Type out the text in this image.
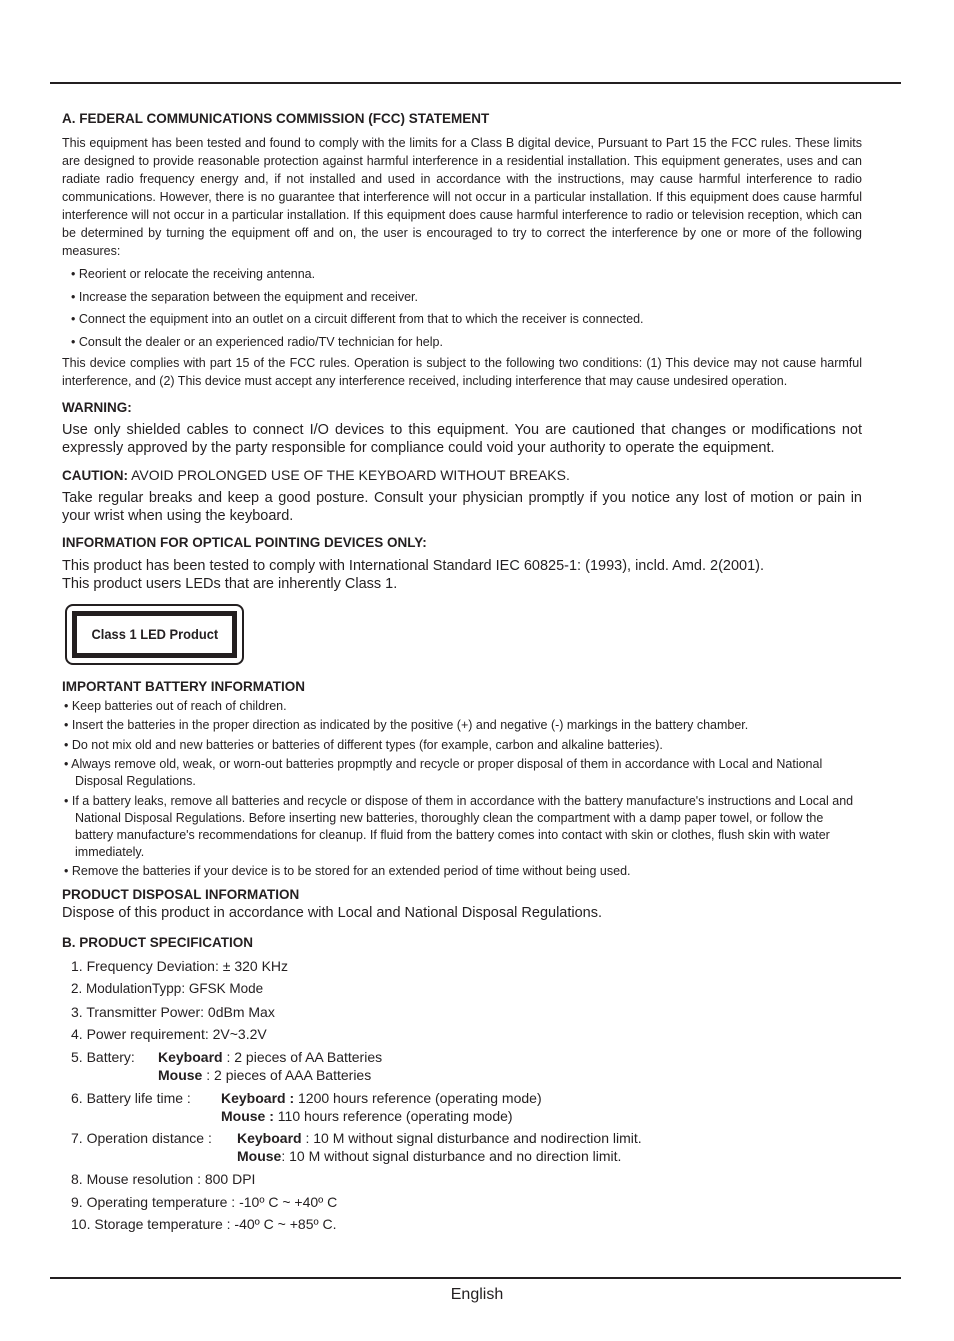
A. FEDERAL COMMUNICATIONS COMMISSION (FCC) STATEMENT

This equipment has been tested and found to comply with the limits for a Class B digital device, Pursuant to Part 15 the FCC rules. These limits are designed to provide reasonable protection against harmful interference in a residential installation. This equipment generates, uses and can radiate radio frequency energy and, if not installed and used in accordance with the instructions, may cause harmful interference to radio communications. However, there is no guarantee that interference will not occur in a particular installation. If this equipment does cause harmful interference will not occur in a particular installation. If this equipment does cause harmful interference to radio or television reception, which can be determined by turning the equipment off and on, the user is encouraged to try to correct the interference by one or more of the following measures:

• Reorient or relocate the receiving antenna.
• Increase the separation between the equipment and receiver.
• Connect the equipment into an outlet on a circuit different from that to which the receiver is connected.
• Consult the dealer or an experienced radio/TV technician for help.

This device complies with part 15 of the FCC rules. Operation is subject to the following two conditions: (1) This device may not cause harmful interference, and (2) This device must accept any interference received, including interference that may cause undesired operation.

WARNING:

Use only shielded cables to connect I/O devices to this equipment. You are cautioned that changes or modifications not expressly approved by the party responsible for compliance could void your authority to operate the equipment.

CAUTION: AVOID PROLONGED USE OF THE KEYBOARD WITHOUT BREAKS.

Take regular breaks and keep a good posture. Consult your physician promptly if you notice any lost of motion or pain in your wrist when using the keyboard.

INFORMATION FOR OPTICAL POINTING DEVICES ONLY:

This product has been tested to comply with International Standard IEC 60825-1: (1993), incld. Amd. 2(2001).

This product users LEDs that are inherently Class 1.

Class 1 LED Product

IMPORTANT BATTERY INFORMATION

• Keep batteries out of reach of children.
• Insert the batteries in the proper direction as indicated by the positive (+) and negative (-) markings in the battery chamber.
• Do not mix old and new batteries or batteries of different types (for example, carbon and alkaline batteries).
• Always remove old, weak, or worn-out batteries propmptly and recycle or proper disposal of them in accordance with Local and National Disposal Regulations.
• If a battery leaks, remove all batteries and recycle or dispose of them in accordance with the battery manufacture's instructions and Local and National Disposal Regulations. Before inserting new batteries, thoroughly clean the compartment with a damp paper towel, or follow the battery manufacture's recommendations for cleanup. If fluid from the battery comes into contact with skin or clothes, flush skin with water immediately.
• Remove the batteries if your device is to be stored for an extended period of time without being used.

PRODUCT DISPOSAL INFORMATION

Dispose of this product in accordance with Local and National Disposal Regulations.

B. PRODUCT SPECIFICATION

1. Frequency Deviation: ± 320 KHz
2. ModulationTypp: GFSK Mode
3. Transmitter Power: 0dBm Max
4. Power requirement: 2V~3.2V
5. Battery:	Keyboard : 2 pieces of AA Batteries
Mouse : 2 pieces of AAA Batteries
6. Battery life time :	Keyboard : 1200 hours reference (operating mode)
Mouse : 110 hours reference (operating mode)
7. Operation distance :	Keyboard : 10 M without signal disturbance and nodirection limit.
Mouse: 10 M without signal disturbance and no direction limit.
8. Mouse resolution : 800 DPI
9. Operating temperature : -10º C ~ +40º C
10. Storage temperature : -40º C ~ +85º C.
English
